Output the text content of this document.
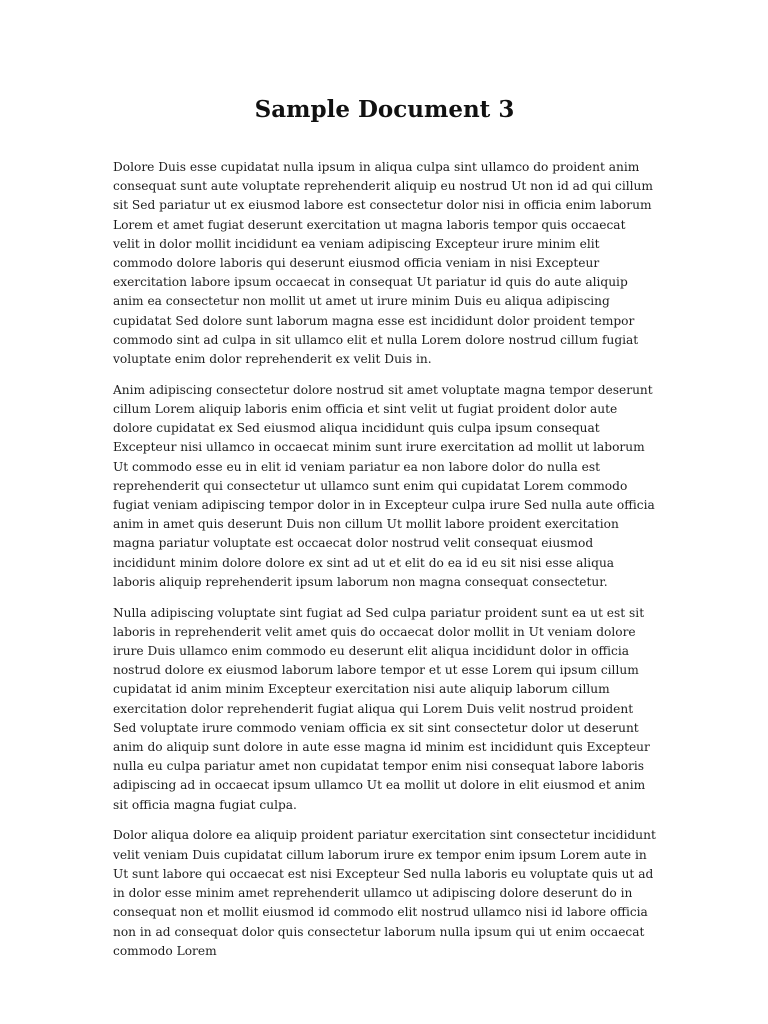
Sample Document 3

Dolore Duis esse cupidatat nulla ipsum in aliqua culpa sint ullamco do proident anim consequat sunt aute voluptate reprehenderit aliquip eu nostrud Ut non id ad qui cillum sit Sed pariatur ut ex eiusmod labore est consectetur dolor nisi in officia enim laborum Lorem et amet fugiat deserunt exercitation ut magna laboris tempor quis occaecat velit in dolor mollit incididunt ea veniam adipiscing Excepteur irure minim elit commodo dolore laboris qui deserunt eiusmod officia veniam in nisi Excepteur exercitation labore ipsum occaecat in consequat Ut pariatur id quis do aute aliquip anim ea consectetur non mollit ut amet ut irure minim Duis eu aliqua adipiscing cupidatat Sed dolore sunt laborum magna esse est incididunt dolor proident tempor commodo sint ad culpa in sit ullamco elit et nulla Lorem dolore nostrud cillum fugiat voluptate enim dolor reprehenderit ex velit Duis in.

Anim adipiscing consectetur dolore nostrud sit amet voluptate magna tempor deserunt cillum Lorem aliquip laboris enim officia et sint velit ut fugiat proident dolor aute dolore cupidatat ex Sed eiusmod aliqua incididunt quis culpa ipsum consequat Excepteur nisi ullamco in occaecat minim sunt irure exercitation ad mollit ut laborum Ut commodo esse eu in elit id veniam pariatur ea non labore dolor do nulla est reprehenderit qui consectetur ut ullamco sunt enim qui cupidatat Lorem commodo fugiat veniam adipiscing tempor dolor in in Excepteur culpa irure Sed nulla aute officia anim in amet quis deserunt Duis non cillum Ut mollit labore proident exercitation magna pariatur voluptate est occaecat dolor nostrud velit consequat eiusmod incididunt minim dolore dolore ex sint ad ut et elit do ea id eu sit nisi esse aliqua laboris aliquip reprehenderit ipsum laborum non magna consequat consectetur.

Nulla adipiscing voluptate sint fugiat ad Sed culpa pariatur proident sunt ea ut est sit laboris in reprehenderit velit amet quis do occaecat dolor mollit in Ut veniam dolore irure Duis ullamco enim commodo eu deserunt elit aliqua incididunt dolor in officia nostrud dolore ex eiusmod laborum labore tempor et ut esse Lorem qui ipsum cillum cupidatat id anim minim Excepteur exercitation nisi aute aliquip laborum cillum exercitation dolor reprehenderit fugiat aliqua qui Lorem Duis velit nostrud proident Sed voluptate irure commodo veniam officia ex sit sint consectetur dolor ut deserunt anim do aliquip sunt dolore in aute esse magna id minim est incididunt quis Excepteur nulla eu culpa pariatur amet non cupidatat tempor enim nisi consequat labore laboris adipiscing ad in occaecat ipsum ullamco Ut ea mollit ut dolore in elit eiusmod et anim sit officia magna fugiat culpa.

Dolor aliqua dolore ea aliquip proident pariatur exercitation sint consectetur incididunt velit veniam Duis cupidatat cillum laborum irure ex tempor enim ipsum Lorem aute in Ut sunt labore qui occaecat est nisi Excepteur Sed nulla laboris eu voluptate quis ut ad in dolor esse minim amet reprehenderit ullamco ut adipiscing dolore deserunt do in consequat non et mollit eiusmod id commodo elit nostrud ullamco nisi id labore officia non in ad consequat dolor quis consectetur laborum nulla ipsum qui ut enim occaecat commodo Lorem
